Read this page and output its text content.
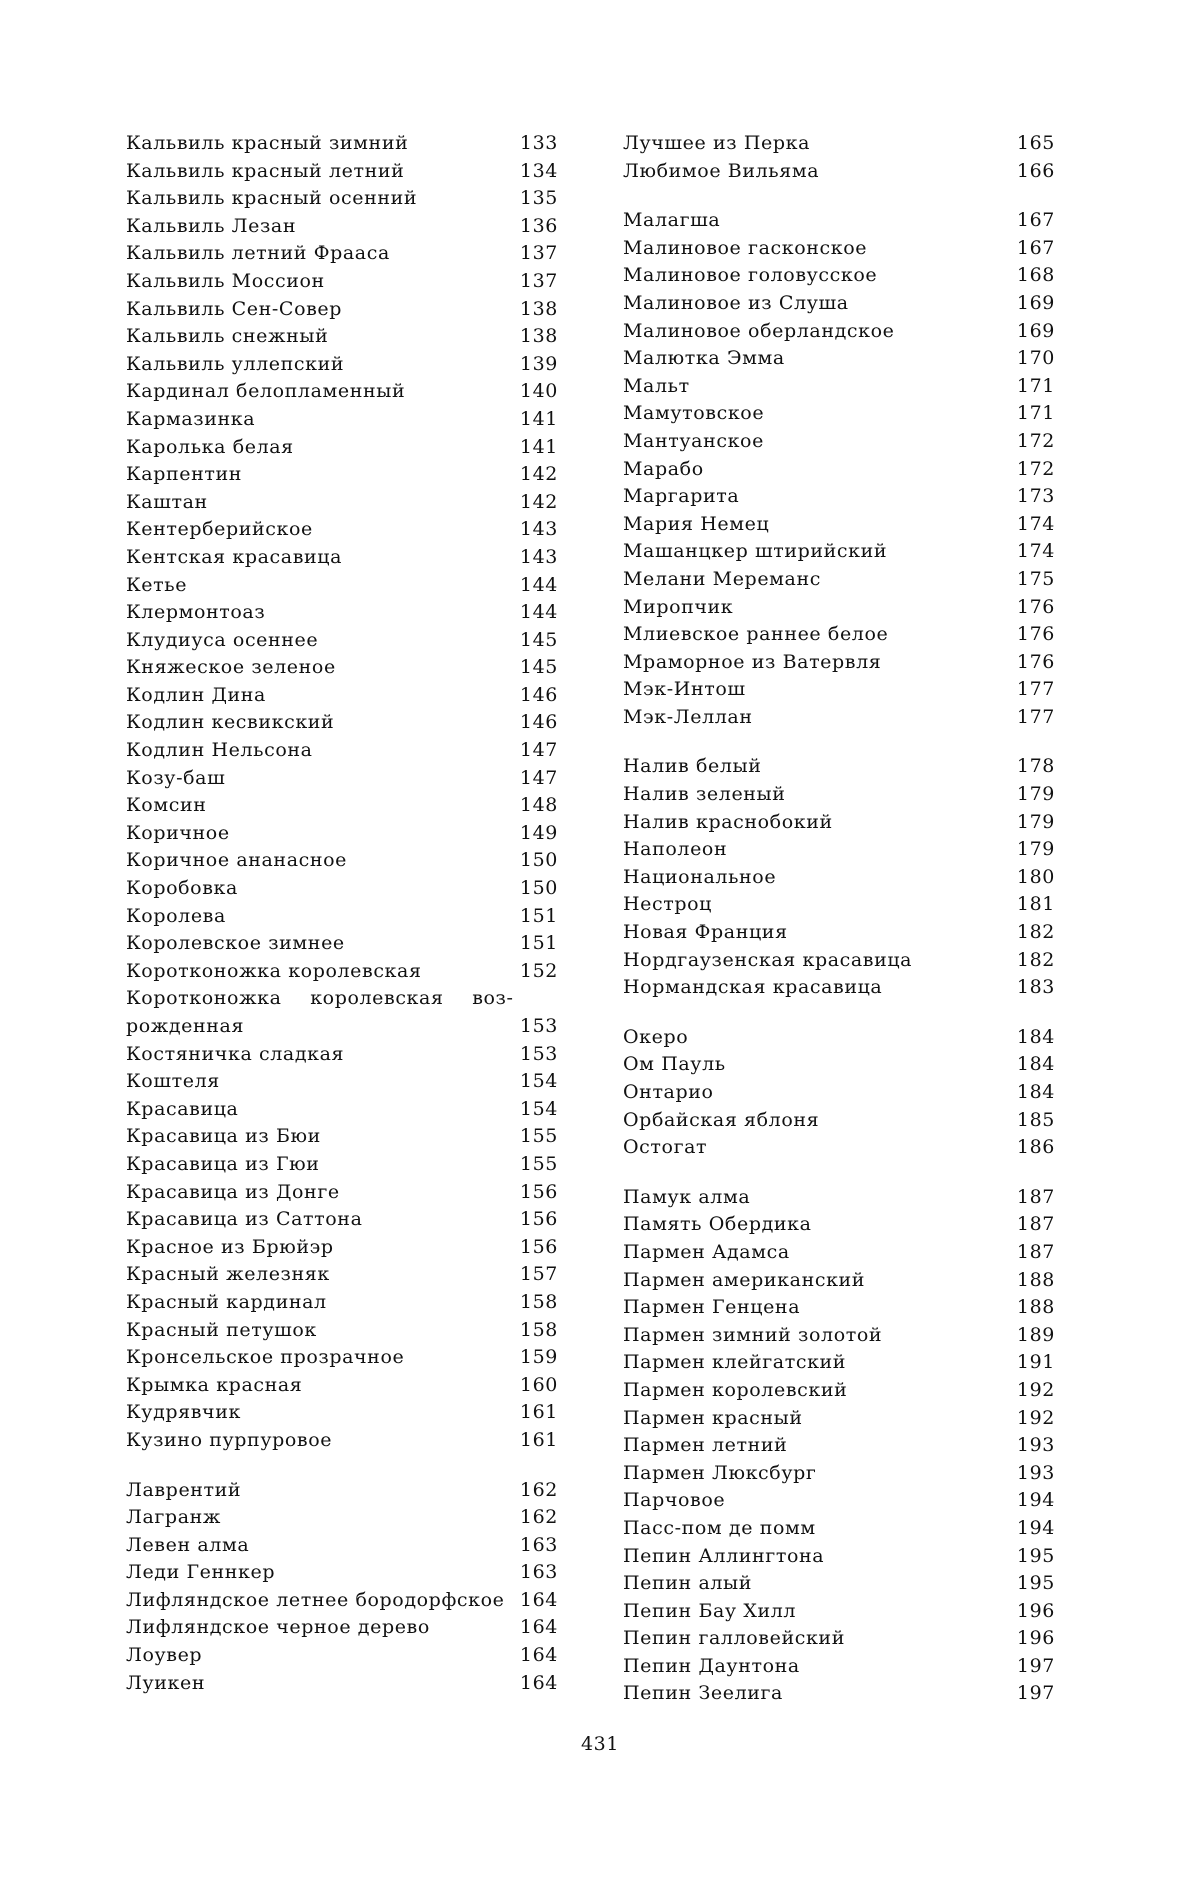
Кальвиль красный зимний	133
Кальвиль красный летний	134
Кальвиль красный осенний	135
Кальвиль Лезан	136
Кальвиль летний Фрааса	137
Кальвиль Моссион	137
Кальвиль Сен-Совер	138
Кальвиль снежный	138
Кальвиль уллепский	139
Кардинал белопламенный	140
Кармазинка	141
Каролька белая	141
Карпентин	142
Каштан	142
Кентерберийское	143
Кентская красавица	143
Кетье	144
Клермонтоаз	144
Клудиуса осеннее	145
Княжеское зеленое	145
Кодлин Дина	146
Кодлин кесвикский	146
Кодлин Нельсона	147
Козу-баш	147
Комсин	148
Коричное	149
Коричное ананасное	150
Коробовка	150
Королева	151
Королевское зимнее	151
Коротконожка королевская	152
Коротконожка королевская воз-
рожденная	153
Костяничка сладкая	153
Коштеля	154
Красавица	154
Красавица из Бюи	155
Красавица из Гюи	155
Красавица из Донге	156
Красавица из Саттона	156
Красное из Брюйэр	156
Красный железняк	157
Красный кардинал	158
Красный петушок	158
Кронсельское прозрачное	159
Крымка красная	160
Кудрявчик	161
Кузино пурпуровое	161
Лаврентий	162
Лагранж	162
Левен алма	163
Леди Геннкер	163
Лифляндское летнее бородорфское 164
Лифляндское черное дерево	164
Лоувер	164
Луикен	164
Лучшее из Перка	165
Любимое Вильяма	166
Малагша	167
Малиновое гасконское	167
Малиновое головусское	168
Малиновое из Слуша	169
Малиновое оберландское	169
Малютка Эмма	170
Мальт	171
Мамутовское	171
Мантуанское	172
Марабо	172
Маргарита	173
Мария Немец	174
Машанцкер штирийский	174
Мелани Мереманс	175
Миропчик	176
Млиевское раннее белое	176
Мраморное из Ватервля	176
Мэк-Интош	177
Мэк-Леллан	177
Налив белый	178
Налив зеленый	179
Налив краснобокий	179
Наполеон	179
Национальное	180
Нестроц	181
Новая Франция	182
Нордгаузенская красавица	182
Нормандская красавица	183
Океро	184
Ом Пауль	184
Онтарио	184
Орбайская яблоня	185
Остогат	186
Памук алма	187
Память Обердика	187
Пармен Адамса	187
Пармен американский	188
Пармен Генцена	188
Пармен зимний золотой	189
Пармен клейгатский	191
Пармен королевский	192
Пармен красный	192
Пармен летний	193
Пармен Люксбург	193
Парчовое	194
Пасс-пом де помм	194
Пепин Аллингтона	195
Пепин алый	195
Пепин Бау Хилл	196
Пепин галловейский	196
Пепин Даунтона	197
Пепин Зеелига	197
431
